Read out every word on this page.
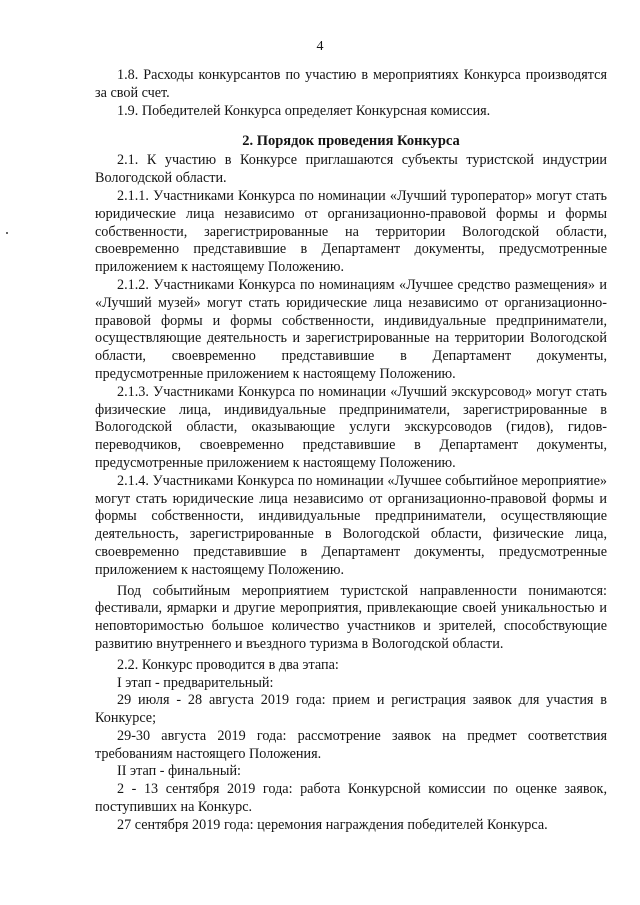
4

1.8. Расходы конкурсантов по участию в мероприятиях Конкурса производятся за свой счет.

1.9. Победителей Конкурса определяет Конкурсная комиссия.

2. Порядок проведения Конкурса

2.1. К участию в Конкурсе приглашаются субъекты туристской индустрии Вологодской области.

2.1.1. Участниками Конкурса по номинации «Лучший туроператор» могут стать юридические лица независимо от организационно-правовой формы и формы собственности, зарегистрированные на территории Вологодской области, своевременно представившие в Департамент документы, предусмотренные приложением к настоящему Положению.

2.1.2. Участниками Конкурса по номинациям «Лучшее средство размещения» и «Лучший музей» могут стать юридические лица независимо от организационно-правовой формы и формы собственности, индивидуальные предприниматели, осуществляющие деятельность и зарегистрированные на территории Вологодской области, своевременно представившие в Департамент документы, предусмотренные приложением к настоящему Положению.

2.1.3. Участниками Конкурса по номинации «Лучший экскурсовод» могут стать физические лица, индивидуальные предприниматели, зарегистрированные в Вологодской области, оказывающие услуги экскурсоводов (гидов), гидов-переводчиков, своевременно представившие в Департамент документы, предусмотренные приложением к настоящему Положению.

2.1.4. Участниками Конкурса по номинации «Лучшее событийное мероприятие» могут стать юридические лица независимо от организационно-правовой формы и формы собственности, индивидуальные предприниматели, осуществляющие деятельность, зарегистрированные в Вологодской области, физические лица, своевременно представившие в Департамент документы, предусмотренные приложением к настоящему Положению.

Под событийным мероприятием туристской направленности понимаются: фестивали, ярмарки и другие мероприятия, привлекающие своей уникальностью и неповторимостью большое количество участников и зрителей, способствующие развитию внутреннего и въездного туризма в Вологодской области.

2.2. Конкурс проводится в два этапа:

I этап - предварительный:

29 июля - 28 августа 2019 года: прием и регистрация заявок для участия в Конкурсе;

29-30 августа 2019 года: рассмотрение заявок на предмет соответствия требованиям настоящего Положения.

II этап - финальный:

2 - 13 сентября 2019 года: работа Конкурсной комиссии по оценке заявок, поступивших на Конкурс.

27 сентября 2019 года: церемония награждения победителей Конкурса.
